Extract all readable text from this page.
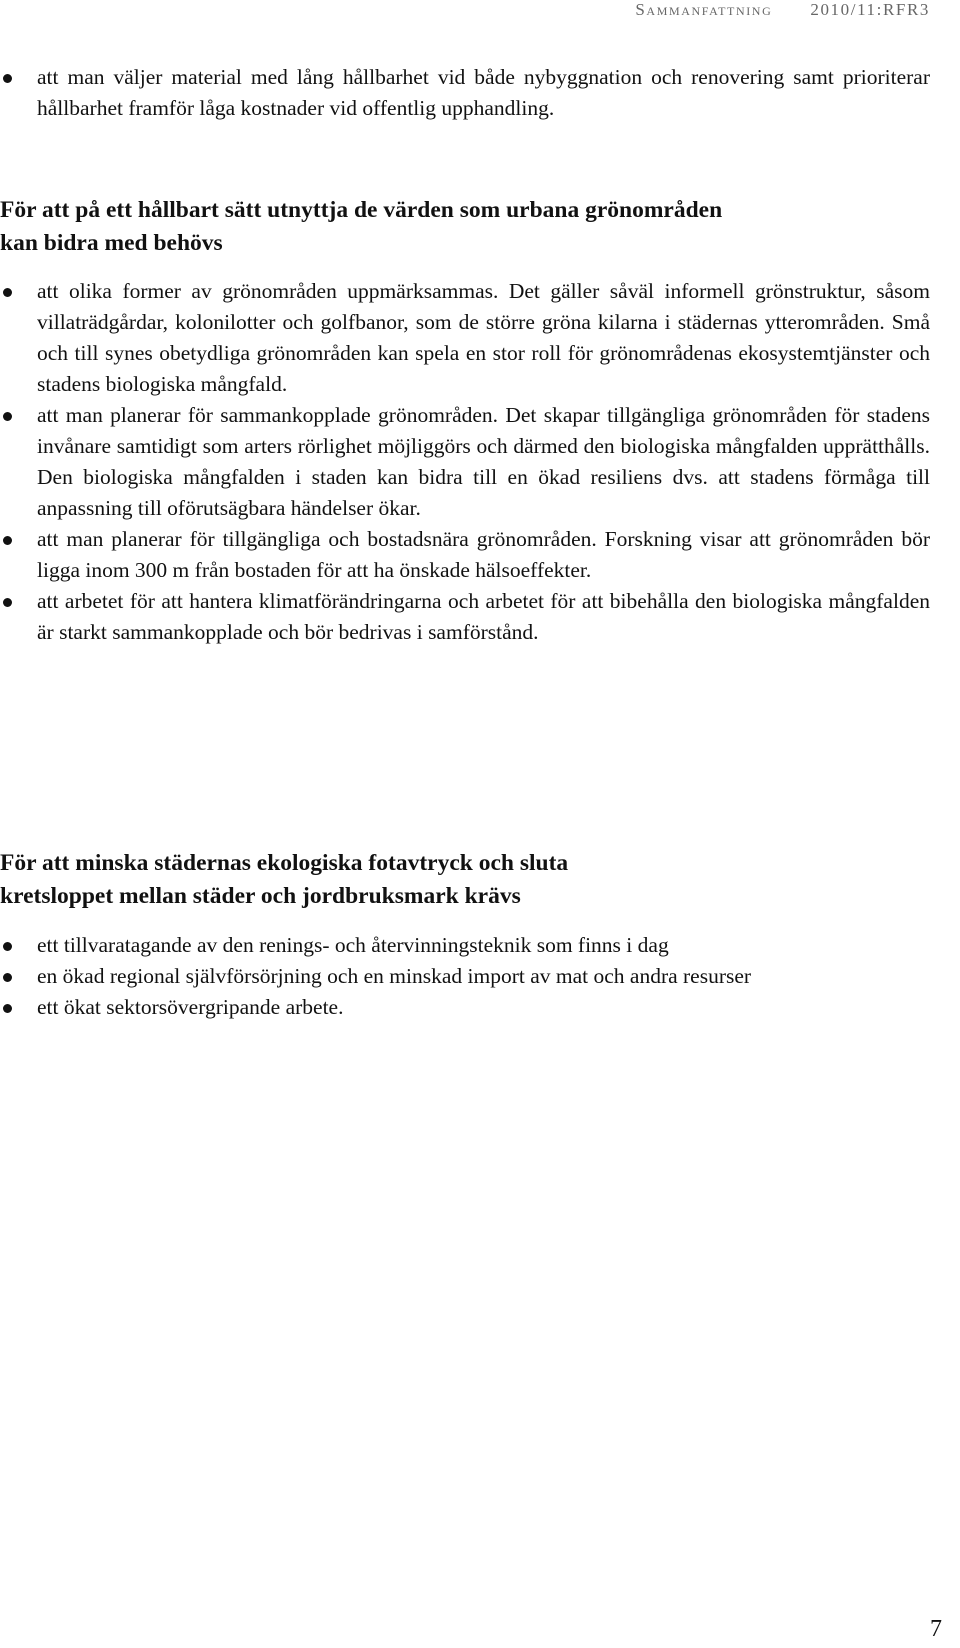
Sammanfattning 2010/11:RFR3
att man väljer material med lång hållbarhet vid både nybyggnation och renovering samt prioriterar hållbarhet framför låga kostnader vid offentlig upphandling.
För att på ett hållbart sätt utnyttja de värden som urbana grönområden kan bidra med behövs
att olika former av grönområden uppmärksammas. Det gäller såväl informell grönstruktur, såsom villaträdgårdar, kolonilotter och golfbanor, som de större gröna kilarna i städernas ytterområden. Små och till synes obetydliga grönområden kan spela en stor roll för grönområdenas ekosystemtjänster och stadens biologiska mångfald.
att man planerar för sammankopplade grönområden. Det skapar tillgängliga grönområden för stadens invånare samtidigt som arters rörlighet möjliggörs och därmed den biologiska mångfalden upprätthålls. Den biologiska mångfalden i staden kan bidra till en ökad resiliens dvs. att stadens förmåga till anpassning till oförutsägbara händelser ökar.
att man planerar för tillgängliga och bostadsnära grönområden. Forskning visar att grönområden bör ligga inom 300 m från bostaden för att ha önskade hälsoeffekter.
att arbetet för att hantera klimatförändringarna och arbetet för att bibehålla den biologiska mångfalden är starkt sammankopplade och bör bedrivas i samförstånd.
För att minska städernas ekologiska fotavtryck och sluta kretsloppet mellan städer och jordbruksmark krävs
ett tillvaratagande av den renings- och återvinningsteknik som finns i dag
en ökad regional självförsörjning och en minskad import av mat och andra resurser
ett ökat sektorsövergripande arbete.
7
